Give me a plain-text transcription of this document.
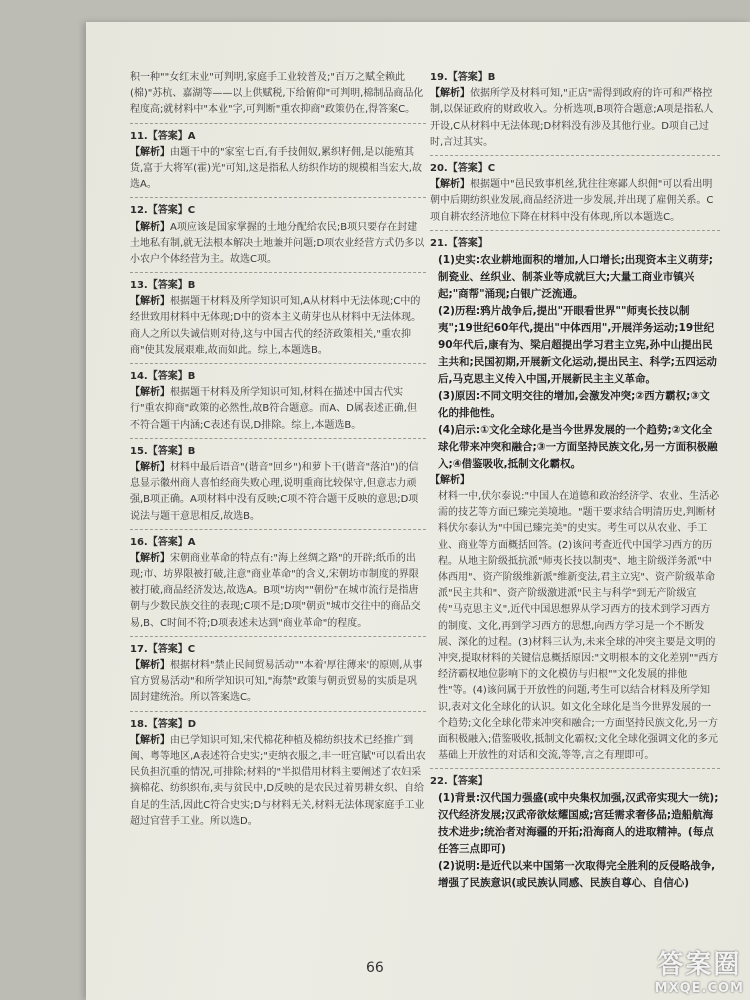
积一种""女红末业"可判明,家庭手工业较普及;"百万之赋全赖此(棉)"苏杭、嘉湖等——以上供赋税,下给俯仰"可判明,棉制品商品化程度高;就材料中"本业"字,可判断"重农抑商"政策仍在,得答案C。

11.【答案】A

【解析】由题干中的"家室七百,有手技佣奴,累织籽佣,是以能殖其货,富于大将军(霍)光"可知,这是指私人纺织作坊的规模相当宏大,故选A。

12.【答案】C

【解析】A项应该是国家掌握的土地分配给农民;B项只要存在封建土地私有制,就无法根本解决土地兼并问题;D项农业经营方式仍多以小农户个体经营为主。故选C项。

13.【答案】B

【解析】根据题干材料及所学知识可知,A从材料中无法体现;C中的经世致用材料中无体现;D中的资本主义萌芽也从材料中无法体现。商人之所以失诚信则对待,这与中国古代的经济政策相关,"重农抑商"使其发展艰难,故而如此。综上,本题选B。

14.【答案】B

【解析】根据题干材料及所学知识可知,材料在描述中国古代实行"重农抑商"政策的必然性,故B符合题意。而A、D属表述正确,但不符合题干内涵;C表述有误,D排除。综上,本题选B。

15.【答案】B

【解析】材料中最后语音"(谐音"回乡")和萝卜干(谐音"落泊")的信息显示徽州商人喜怕经商失败心理,说明重商比较保守,但意志力顽强,B项正确。A项材料中没有反映;C项不符合题干反映的意思;D项说法与题干意思相反,故选B。

16.【答案】A

【解析】宋朝商业革命的特点有:"海上丝绸之路"的开辟;纸币的出现;市、坊界限被打破,注意"商业革命"的含义,宋朝坊市制度的界限被打破,商品经济发达,故选A。B项"坊肉""朝份"在城市流行是指唐朝与少数民族交往的表现;C项不是;D项"朝贡"城市交往中的商品交易,B、C时间不符;D项表述未达到"商业革命"的程度。

17.【答案】C

【解析】根据材料"禁止民间贸易活动""本着'厚往薄来'的原则,从事官方贸易活动"和所学知识可知,"海禁"政策与朝贡贸易的实质是巩固封建统治。所以答案选C。

18.【答案】D

【解析】由已学知识可知,宋代棉花种植及棉纺织技术已经推广到闽、粤等地区,A表述符合史实;"吏纳衣服之,丰一旺宫賦"可以看出农民负担沉重的情况,可排除;材料的"半拟借用材料主要阐述了农妇采摘棉花、纺织织布,卖与贫民中,D反映的是农民过着男耕女织、自给自足的生活,因此C符合史实;D与材料无关,材料无法体现家庭手工业超过官营手工业。所以选D。

19.【答案】B

【解析】依据所学及材料可知,"正店"需得到政府的许可和严格控制,以保证政府的财政收入。分析选项,B项符合题意;A项是指私人开设,C从材料中无法体现;D材料没有涉及其他行业。D项自己过时,言过其实。

20.【答案】C

【解析】根据题中"邑民致事机丝,犹往往寒鄙人织佣"可以看出明朝中后期纺织业发展,商品经济进一步发展,并出现了雇佣关系。C项自耕农经济地位下降在材料中没有体现,所以本题选C。

21.【答案】

(1)史实:农业耕地面积的增加,人口增长;出现资本主义萌芽;制瓷业、丝织业、制茶业等成就巨大;大量工商业市镇兴起;"商帮"涌现;白银广泛流通。

(2)历程:鸦片战争后,提出"开眼看世界""师夷长技以制夷";19世纪60年代,提出"中体西用",开展洋务运动;19世纪90年代后,康有为、梁启超提出学习君主立宪,孙中山提出民主共和;民国初期,开展新文化运动,提出民主、科学;五四运动后,马克思主义传入中国,开展新民主主义革命。

(3)原因:不同文明交往的增加,会激发冲突;②西方霸权;③文化的排他性。

(4)启示:①文化全球化是当今世界发展的一个趋势;②文化全球化带来冲突和融合;③一方面坚持民族文化,另一方面积极融入;④借鉴吸收,抵制文化霸权。

【解析】

材料一中,伏尔泰说:"中国人在道德和政治经济学、农业、生活必需的技艺等方面已臻完美境地。"题干要求结合明清历史,判断材料伏尔泰认为"中国已臻完美"的史实。考生可以从农业、手工业、商业等方面概括回答。(2)该问考查近代中国学习西方的历程。从地主阶级抵抗派"师夷长技以制夷"、地主阶级洋务派"中体西用"、资产阶级维新派"维新变法,君主立宪"、资产阶级革命派"民主共和"、资产阶级激进派"民主与科学"到无产阶级宣传"马克思主义",近代中国思想界从学习西方的技术到学习西方的制度、文化,再到学习西方的思想,向西方学习是一个不断发展、深化的过程。(3)材料三认为,未来全球的冲突主要是文明的冲突,提取材料的关键信息概括原因:"文明根本的文化差别""西方经济霸权地位影响下的文化模仿与归根""文化发展的排他性"等。(4)该问属于开放性的问题,考生可以结合材料及所学知识,表对文化全球化的认识。如文化全球化是当今世界发展的一个趋势;文化全球化带来冲突和融合;一方面坚持民族文化,另一方面积极融入;借鉴吸收,抵制文化霸权;文化全球化强调文化的多元基础上开放性的对话和交流,等等,言之有理即可。

22.【答案】

(1)背景:汉代国力强盛(或中央集权加强,汉武帝实现大一统);汉代经济发展;汉武帝欲炫耀国威;宫廷需求奢侈品;造船航海技术进步;统治者对海疆的开拓;沿海商人的进取精神。(每点任答三点即可)

(2)说明:是近代以来中国第一次取得完全胜利的反侵略战争,增强了民族意识(或民族认同感、民族自尊心、自信心)

66	答案圈
MXQE.COM
